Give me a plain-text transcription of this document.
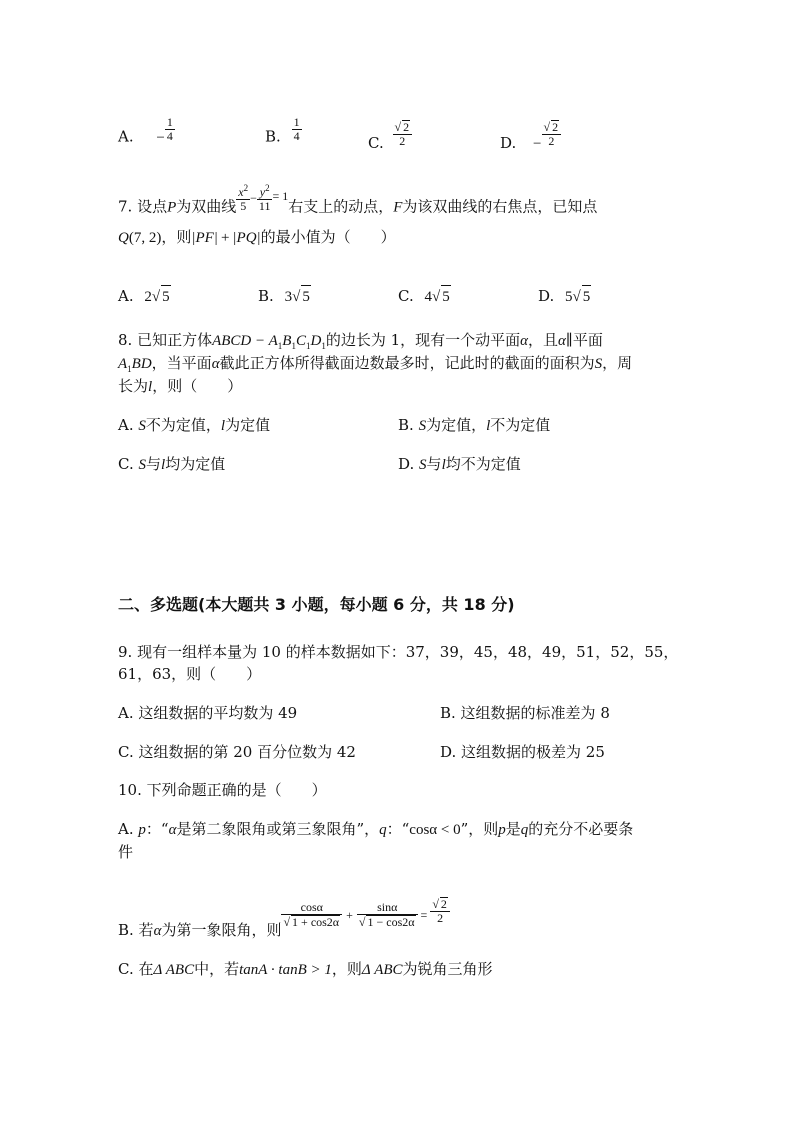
A. − $\frac{1}{4}$	B. $\frac{1}{4}$	C. $\frac{√ 2}{2}$	D. − $\frac{√ 2}{2}$
7. 设点P为双曲线 $\frac{x^2}{5} ^- \frac{y^2}{11} ^{= 1}$右支上的动点，F为该双曲线的右焦点，已知点
Q(7, 2)，则|PF| + |PQ|的最小值为（　　）
A. 2√ 5	B. 3√ 5	C. 4√ 5	D. 5√ 5
8. 已知正方体ABCD − $A_1B_1C_1D_1$的边长为 1，现有一个动平面α，且α∥平面
$A_1BD$，当平面α截此正方体所得截面边数最多时，记此时的截面的面积为S，周
长为l，则（　　）
A. S不为定值，l为定值	B. S为定值，l不为定值
C. S与l均为定值	D. S与l均不为定值
二、多选题(本大题共 3 小题，每小题 6 分，共 18 分)
9. 现有一组样本量为 10 的样本数据如下：37，39，45，48，49，51，52，55，
61，63，则（　　）
A. 这组数据的平均数为 49	B. 这组数据的标准差为 8
C. 这组数据的第 20 百分位数为 42	D. 这组数据的极差为 25
10. 下列命题正确的是（　　）
A. p：“α是第二象限角或第三象限角”，q：“cosα < 0”，则p是q的充分不必要条
件
B. 若α为第一象限角，则
$\frac{\cos\alpha}{√ 1 + \cos 2\alpha} ^+ \frac{\sin\alpha}{√ 1 - \cos 2\alpha} ^= \frac{√ 2}{2}$
C. 在Δ ABC中，若tanA · tanB > 1，则Δ ABC为锐角三角形
